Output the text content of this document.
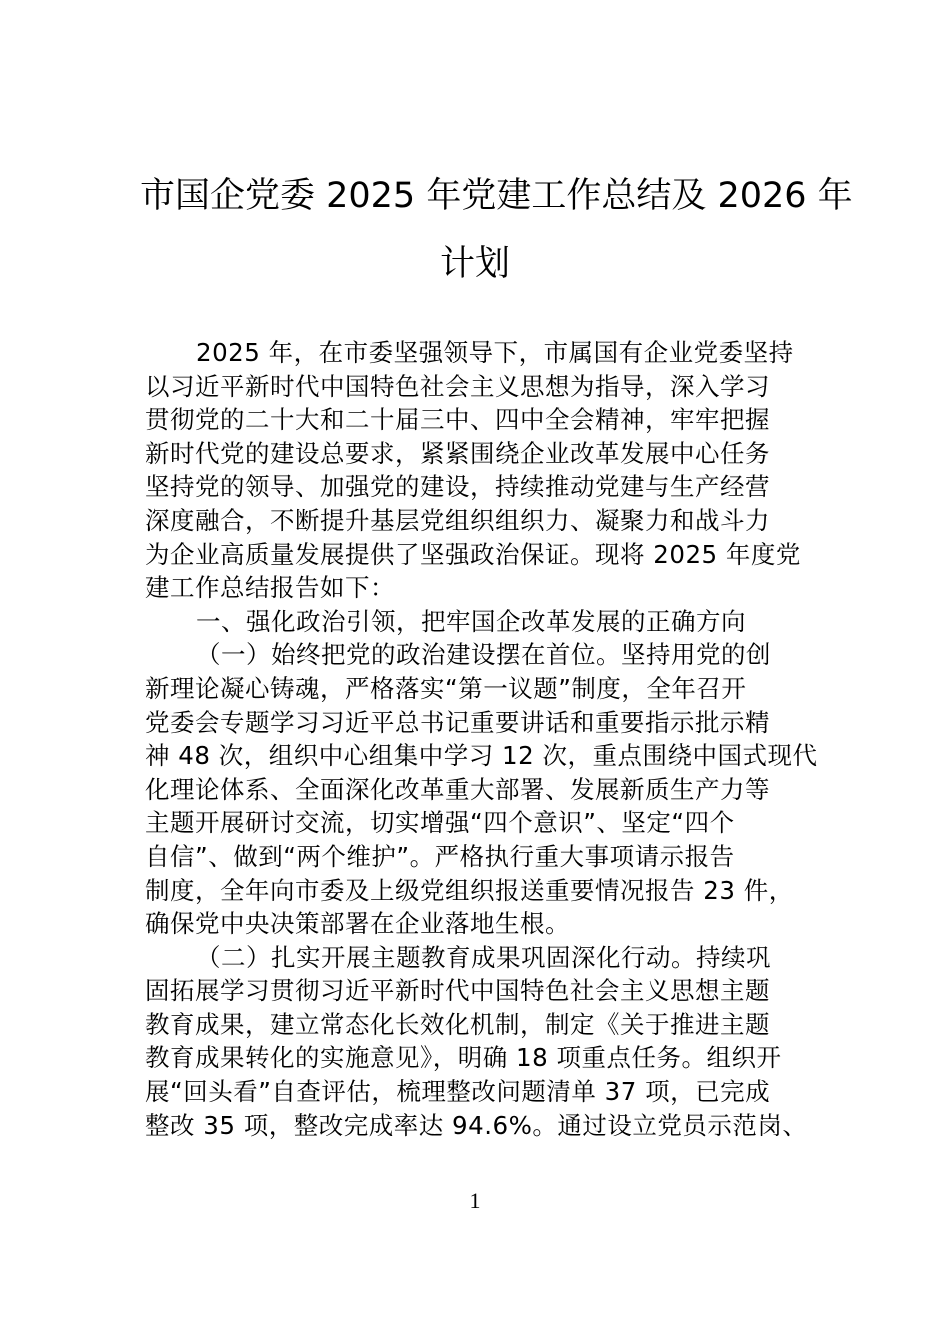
市国企党委 2025 年党建工作总结及 2026 年
计划
2025 年，在市委坚强领导下，市属国有企业党委坚持
以习近平新时代中国特色社会主义思想为指导，深入学习
贯彻党的二十大和二十届三中、四中全会精神，牢牢把握
新时代党的建设总要求，紧紧围绕企业改革发展中心任务
坚持党的领导、加强党的建设，持续推动党建与生产经营
深度融合，不断提升基层党组织组织力、凝聚力和战斗力
为企业高质量发展提供了坚强政治保证。现将 2025 年度党
建工作总结报告如下：
一、强化政治引领，把牢国企改革发展的正确方向
（一）始终把党的政治建设摆在首位。坚持用党的创
新理论凝心铸魂，严格落实“第一议题”制度，全年召开
党委会专题学习习近平总书记重要讲话和重要指示批示精
神 48 次，组织中心组集中学习 12 次，重点围绕中国式现代
化理论体系、全面深化改革重大部署、发展新质生产力等
主题开展研讨交流，切实增强“四个意识”、坚定“四个
自信”、做到“两个维护”。严格执行重大事项请示报告
制度，全年向市委及上级党组织报送重要情况报告 23 件，
确保党中央决策部署在企业落地生根。
（二）扎实开展主题教育成果巩固深化行动。持续巩
固拓展学习贯彻习近平新时代中国特色社会主义思想主题
教育成果，建立常态化长效化机制，制定《关于推进主题
教育成果转化的实施意见》，明确 18 项重点任务。组织开
展“回头看”自查评估，梳理整改问题清单 37 项，已完成
整改 35 项，整改完成率达 94.6%。通过设立党员示范岗、
1
